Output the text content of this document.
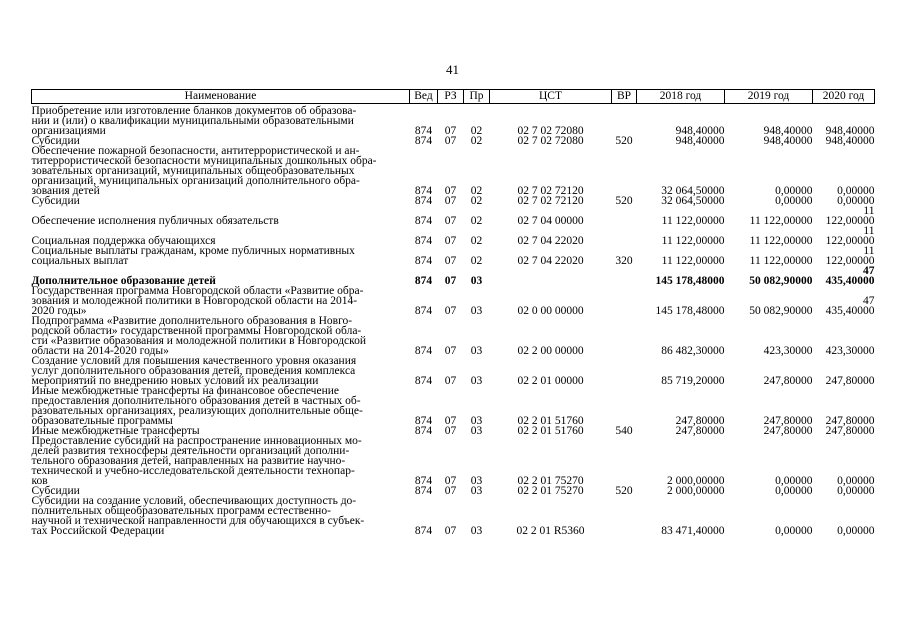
41
Наименование	Вед	РЗ	Пр	ЦСТ	ВР	2018 год	2019 год	2020 год

Приобретение или изготовление бланков документов об образова-
нии и (или) о квалификации муниципальными образовательными
организациями	874	07	02	02 7 02 72080		948,40000	948,40000	948,40000

Субсидии	874	07	02	02 7 02 72080	520	948,40000	948,40000	948,40000

Обеспечение пожарной безопасности, антитеррористической и ан-
титеррористической безопасности муниципальных дошкольных обра-
зовательных организаций, муниципальных общеобразовательных
организаций, муниципальных организаций дополнительного обра-
зования детей	874	07	02	02 7 02 72120		32 064,50000	0,00000	0,00000

Субсидии	874	07	02	02 7 02 72120	520	32 064,50000	0,00000	0,00000

Обеспечение исполнения публичных обязательств	874	07	02	02 7 04 00000		11 122,00000	11 122,00000	11 122,00000

Социальная поддержка обучающихся	874	07	02	02 7 04 22020		11 122,00000	11 122,00000	11 122,00000

Социальные выплаты гражданам, кроме публичных нормативных
социальных выплат	874	07	02	02 7 04 22020	320	11 122,00000	11 122,00000	11 122,00000

Дополнительное образование детей	874	07	03			145 178,48000	50 082,90000	47 435,40000

Государственная программа Новгородской области «Развитие обра-
зования и молодежной политики в Новгородской области на 2014-
2020 годы»	874	07	03	02 0 00 00000		145 178,48000	50 082,90000	47 435,40000

Подпрограмма «Развитие дополнительного образования в Новго-
родской области» государственной программы Новгородской обла-
сти «Развитие образования и молодежной политики в Новгородской
области на 2014-2020 годы»	874	07	03	02 2 00 00000		86 482,30000	423,30000	423,30000

Создание условий для повышения качественного уровня оказания
услуг дополнительного образования детей, проведения комплекса
мероприятий по внедрению новых условий их реализации	874	07	03	02 2 01 00000		85 719,20000	247,80000	247,80000

Иные межбюджетные трансферты на финансовое обеспечение
предоставления дополнительного образования детей в частных об-
разовательных организациях, реализующих дополнительные обще-
образовательные программы	874	07	03	02 2 01 51760		247,80000	247,80000	247,80000

Иные межбюджетные трансферты	874	07	03	02 2 01 51760	540	247,80000	247,80000	247,80000

Предоставление субсидий на распространение инновационных мо-
делей развития техносферы деятельности организаций дополни-
тельного образования детей, направленных на развитие научно-
технической и учебно-исследовательской деятельности технопар-
ков	874	07	03	02 2 01 75270		2 000,00000	0,00000	0,00000

Субсидии	874	07	03	02 2 01 75270	520	2 000,00000	0,00000	0,00000

Субсидии на создание условий, обеспечивающих доступность до-
полнительных общеобразовательных программ естественно-
научной и технической направленности для обучающихся в субъек-
тах Российской Федерации	874	07	03	02 2 01 R5360		83 471,40000	0,00000	0,00000
